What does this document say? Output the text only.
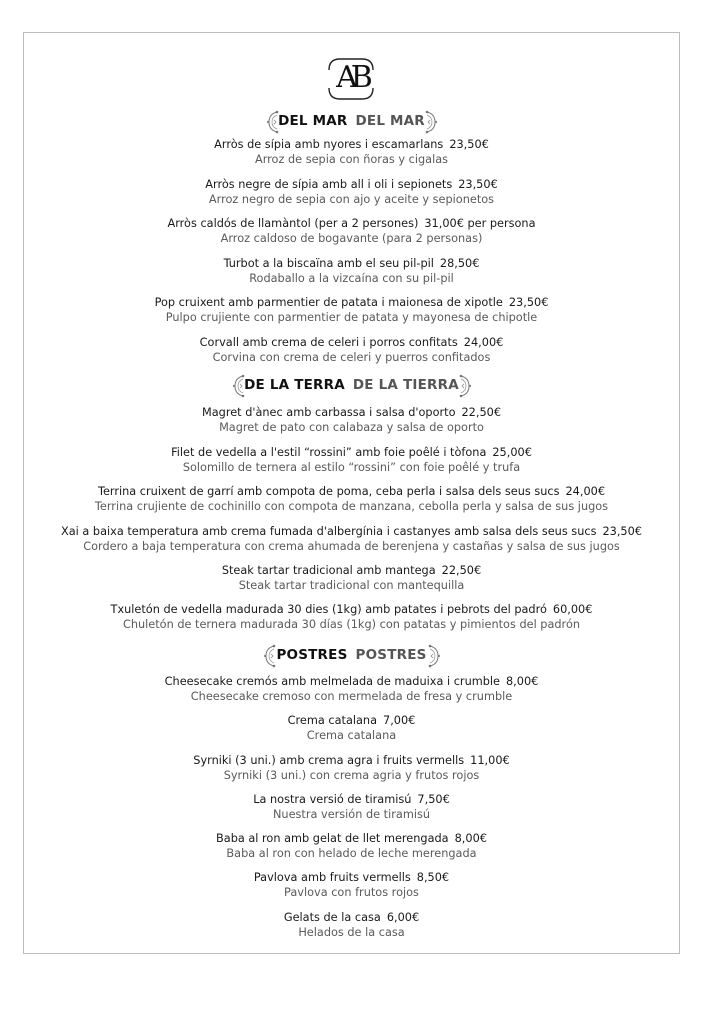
AB
DEL MAR DEL MAR
Arròs de sípia amb nyores i escamarlans 23,50€
Arroz de sepia con ñoras y cigalas
Arròs negre de sípia amb all i oli i sepionets 23,50€
Arroz negro de sepia con ajo y aceite y sepionetos
Arròs caldós de llamàntol (per a 2 persones) 31,00€ per persona
Arroz caldoso de bogavante (para 2 personas)
Turbot a la biscaïna amb el seu pil-pil 28,50€
Rodaballo a la vizcaína con su pil-pil
Pop cruixent amb parmentier de patata i maionesa de xipotle 23,50€
Pulpo crujiente con parmentier de patata y mayonesa de chipotle
Corvall amb crema de celeri i porros confitats 24,00€
Corvina con crema de celeri y puerros confitados
DE LA TERRA DE LA TIERRA
Magret d'ànec amb carbassa i salsa d'oporto 22,50€
Magret de pato con calabaza y salsa de oporto
Filet de vedella a l'estil “rossini” amb foie poêlé i tòfona 25,00€
Solomillo de ternera al estilo “rossini” con foie poêlé y trufa
Terrina cruixent de garrí amb compota de poma, ceba perla i salsa dels seus sucs 24,00€
Terrina crujiente de cochinillo con compota de manzana, cebolla perla y salsa de sus jugos
Xai a baixa temperatura amb crema fumada d'albergínia i castanyes amb salsa dels seus sucs 23,50€
Cordero a baja temperatura con crema ahumada de berenjena y castañas y salsa de sus jugos
Steak tartar tradicional amb mantega 22,50€
Steak tartar tradicional con mantequilla
Txuletón de vedella madurada 30 dies (1kg) amb patates i pebrots del padró 60,00€
Chuletón de ternera madurada 30 días (1kg) con patatas y pimientos del padrón
POSTRES POSTRES
Cheesecake cremós amb melmelada de maduixa i crumble 8,00€
Cheesecake cremoso con mermelada de fresa y crumble
Crema catalana 7,00€
Crema catalana
Syrniki (3 uni.) amb crema agra i fruits vermells 11,00€
Syrniki (3 uni.) con crema agria y frutos rojos
La nostra versió de tiramisú 7,50€
Nuestra versión de tiramisú
Baba al ron amb gelat de llet merengada 8,00€
Baba al ron con helado de leche merengada
Pavlova amb fruits vermells 8,50€
Pavlova con frutos rojos
Gelats de la casa 6,00€
Helados de la casa
